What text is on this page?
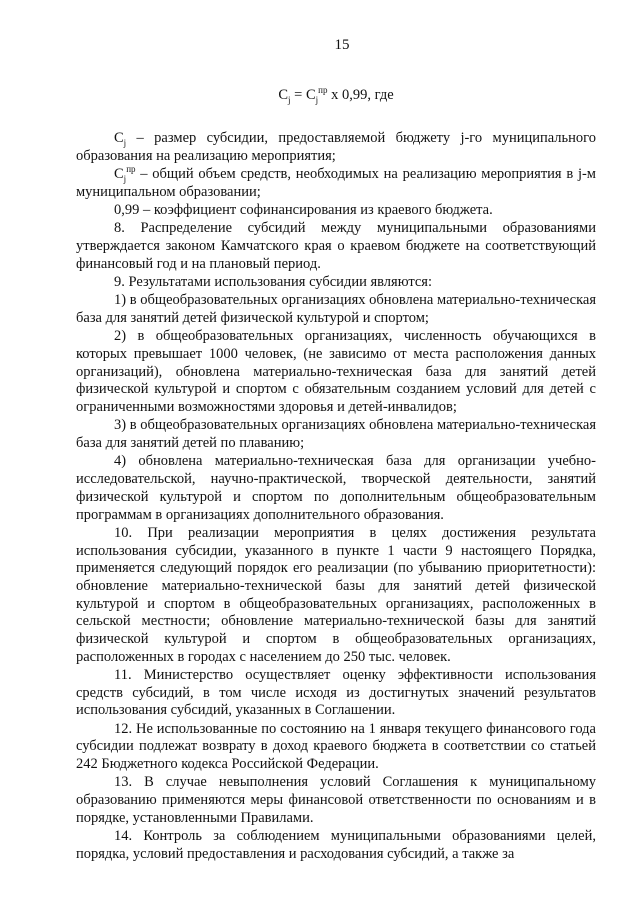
15
$C_j = C_j^{пр}$ x 0,99, где

$C_j$ – размер субсидии, предоставляемой бюджету j-го муниципального образования на реализацию мероприятия;

$C_j^{пр}$ – общий объем средств, необходимых на реализацию мероприятия в j-м муниципальном образовании;

0,99 – коэффициент софинансирования из краевого бюджета.

8. Распределение субсидий между муниципальными образованиями утверждается законом Камчатского края о краевом бюджете на соответствующий финансовый год и на плановый период.

9. Результатами использования субсидии являются:

1) в общеобразовательных организациях обновлена материально-техническая база для занятий детей физической культурой и спортом;

2) в общеобразовательных организациях, численность обучающихся в которых превышает 1000 человек, (не зависимо от места расположения данных организаций), обновлена материально-техническая база для занятий детей физической культурой и спортом с обязательным созданием условий для детей с ограниченными возможностями здоровья и детей-инвалидов;

3) в общеобразовательных организациях обновлена материально-техническая база для занятий детей по плаванию;

4) обновлена материально-техническая база для организации учебно-исследовательской, научно-практической, творческой деятельности, занятий физической культурой и спортом по дополнительным общеобразовательным программам в организациях дополнительного образования.

10. При реализации мероприятия в целях достижения результата использования субсидии, указанного в пункте 1 части 9 настоящего Порядка, применяется следующий порядок его реализации (по убыванию приоритетности): обновление материально-технической базы для занятий детей физической культурой и спортом в общеобразовательных организациях, расположенных в сельской местности; обновление материально-технической базы для занятий физической культурой и спортом в общеобразовательных организациях, расположенных в городах с населением до 250 тыс. человек.

11. Министерство осуществляет оценку эффективности использования средств субсидий, в том числе исходя из достигнутых значений результатов использования субсидий, указанных в Соглашении.

12. Не использованные по состоянию на 1 января текущего финансового года субсидии подлежат возврату в доход краевого бюджета в соответствии со статьей 242 Бюджетного кодекса Российской Федерации.

13. В случае невыполнения условий Соглашения к муниципальному образованию применяются меры финансовой ответственности по основаниям и в порядке, установленными Правилами.

14. Контроль за соблюдением муниципальными образованиями целей, порядка, условий предоставления и расходования субсидий, а также за
